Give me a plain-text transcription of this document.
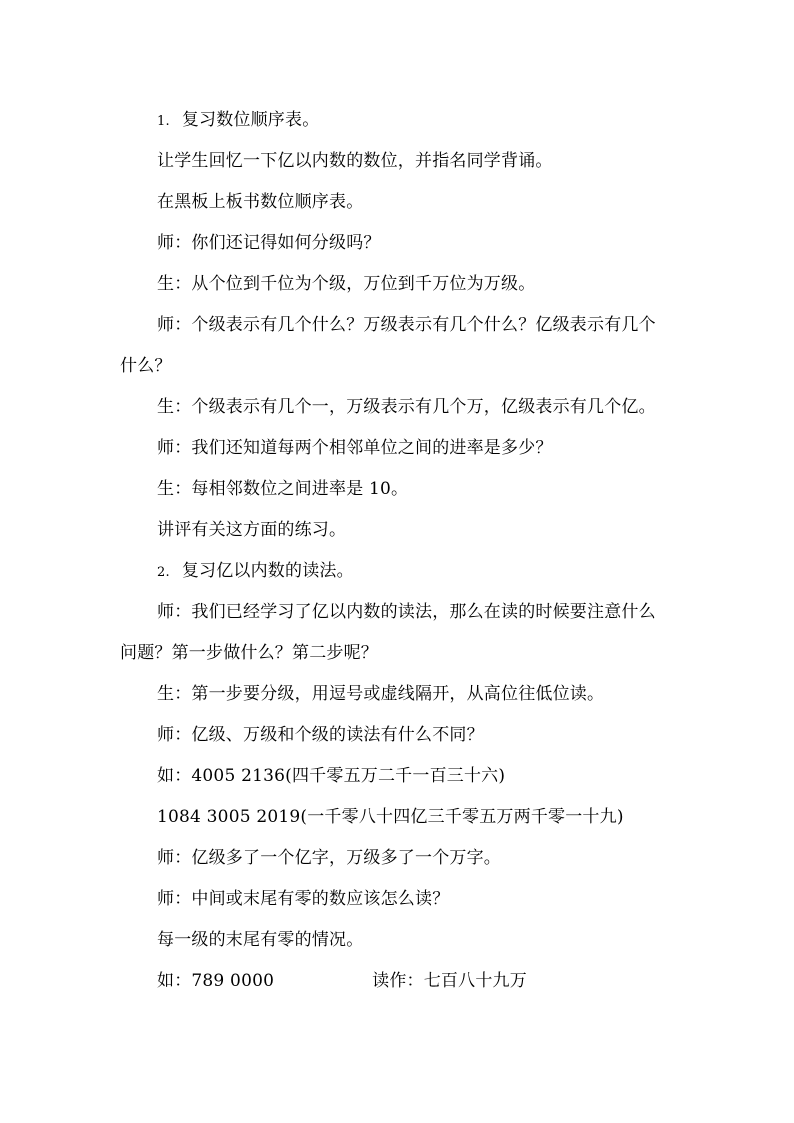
1. 复习数位顺序表。
让学生回忆一下亿以内数的数位，并指名同学背诵。
在黑板上板书数位顺序表。
师：你们还记得如何分级吗？
生：从个位到千位为个级，万位到千万位为万级。
师：个级表示有几个什么？万级表示有几个什么？亿级表示有几个什么？
生：个级表示有几个一，万级表示有几个万，亿级表示有几个亿。
师：我们还知道每两个相邻单位之间的进率是多少？
生：每相邻数位之间进率是 10。
讲评有关这方面的练习。
2. 复习亿以内数的读法。
师：我们已经学习了亿以内数的读法，那么在读的时候要注意什么问题？第一步做什么？第二步呢？
生：第一步要分级，用逗号或虚线隔开，从高位往低位读。
师：亿级、万级和个级的读法有什么不同？
如：4005 2136(四千零五万二千一百三十六)
1084 3005 2019(一千零八十四亿三千零五万两千零一十九)
师：亿级多了一个亿字，万级多了一个万字。
师：中间或末尾有零的数应该怎么读？
每一级的末尾有零的情况。
如：789 0000	读作：七百八十九万
